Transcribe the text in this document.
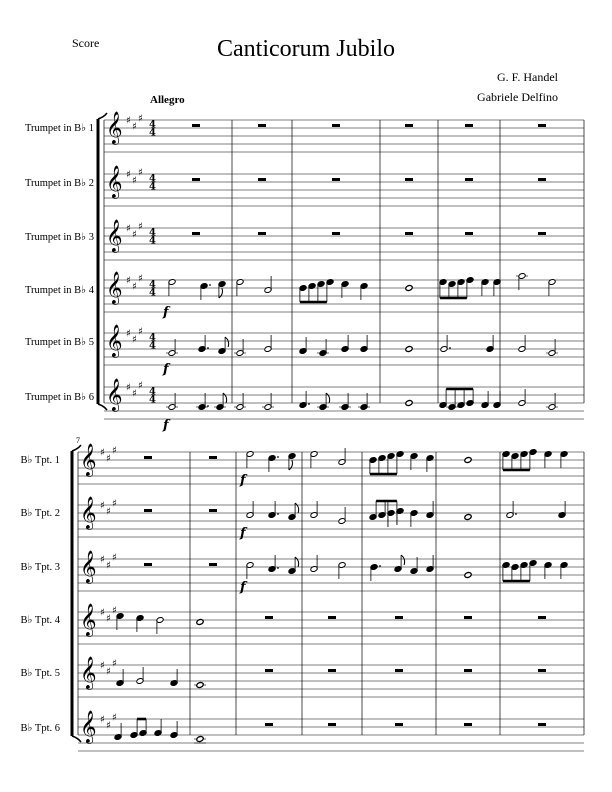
Score	Canticorum Jubilo
G. F. Handel
Gabriele Delfino
Allegro
7
Trumpet in B♭ 1
Trumpet in B♭ 2
Trumpet in B♭ 3
Trumpet in B♭ 4
Trumpet in B♭ 5
Trumpet in B♭ 6
B♭ Tpt. 1
B♭ Tpt. 2
B♭ Tpt. 3
B♭ Tpt. 4
B♭ Tpt. 5
B♭ Tpt. 6
𝄞 ♯
♯
♯
4
4
𝄞 ♯
♯
♯
4
4
𝄞 ♯
♯
♯
4
4
𝄞 ♯
♯
♯
4
4
𝄞 ♯
♯
♯
4
4
𝄞 ♯
♯
♯
4
4
f
f
f
𝄞 ♯
♯
♯
𝄞 ♯
♯
♯
𝄞 ♯
♯
♯
𝄞 ♯
♯
♯
𝄞 ♯
♯
♯
𝄞 ♯
♯
♯
f
f
f
